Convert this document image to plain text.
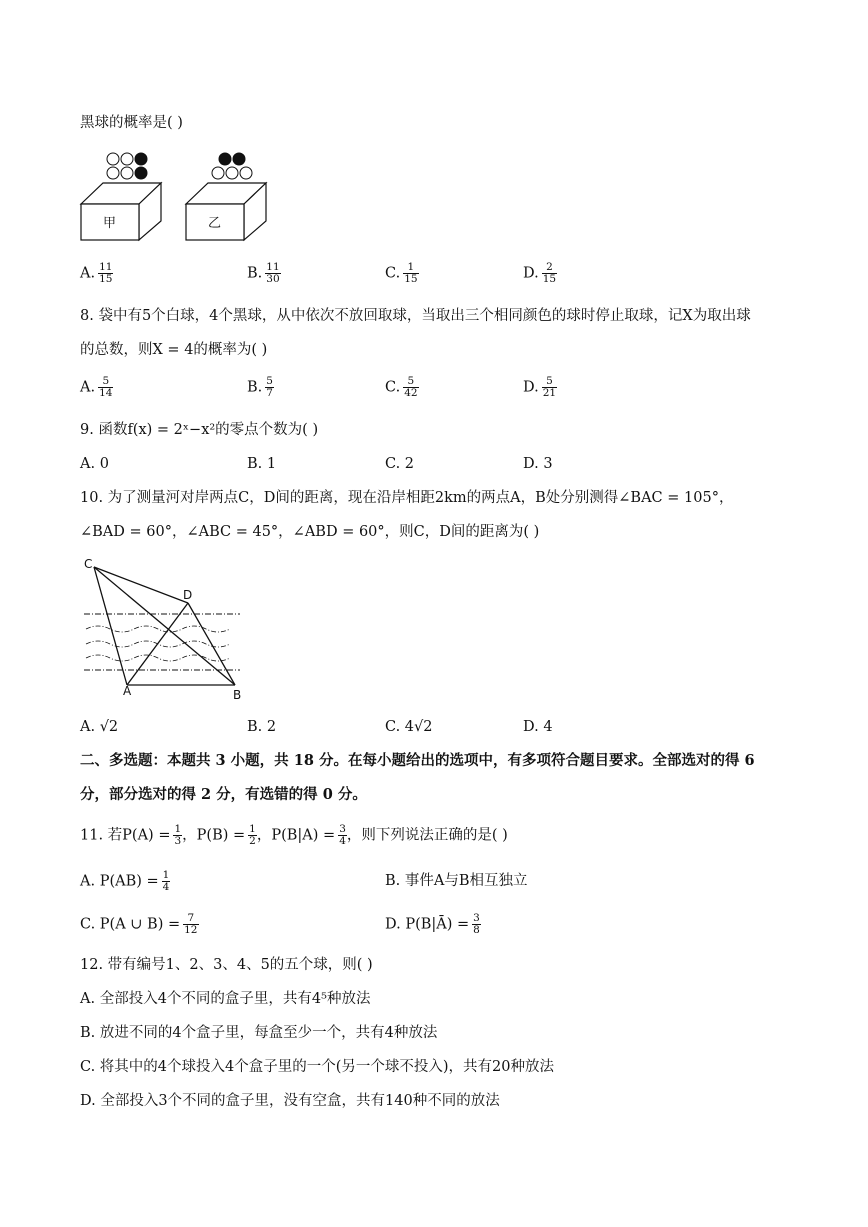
黑球的概率是( )
甲	乙
A. $\frac{11}{15}$	B. $\frac{11}{30}$	C. $\frac{1}{15}$	D. $\frac{2}{15}$
8. 袋中有5个白球，4个黑球，从中依次不放回取球，当取出三个相同颜色的球时停止取球，记X为取出球
的总数，则X = 4的概率为( )
A. $\frac{5}{14}$	B. $\frac{5}{7}$	C. $\frac{5}{42}$	D. $\frac{5}{21}$
9. 函数f(x) = 2ˣ−x²的零点个数为( )
A. 0	B. 1	C. 2	D. 3
10. 为了测量河对岸两点C，D间的距离，现在沿岸相距2km的两点A，B处分别测得∠BAC = 105°，
∠BAD = 60°，∠ABC = 45°，∠ABD = 60°，则C，D间的距离为( )
C
D
A	B
A. √2	B. 2	C. 4√2	D. 4
二、多选题：本题共 3 小题，共 18 分。在每小题给出的选项中，有多项符合题目要求。全部选对的得 6
分，部分选对的得 2 分，有选错的得 0 分。
11. 若$P(A) = \frac{1}{3}$ ，$P(B) = \frac{1}{2}$ ，$P(B|A) = \frac{3}{4}$ ，则下列说法正确的是( )
A. $P(AB) = \frac{1}{4}$	B. 事件A与B相互独立
C. P(A ∪ $B) = \frac{7}{12}$	D. P(B|Ā) = $\frac{3}{8}$
12. 带有编号1、2、3、4、5的五个球，则( )
A. 全部投入4个不同的盒子里，共有4⁵种放法
B. 放进不同的4个盒子里，每盒至少一个，共有4种放法
C. 将其中的4个球投入4个盒子里的一个(另一个球不投入)，共有20种放法
D. 全部投入3个不同的盒子里，没有空盒，共有140种不同的放法
